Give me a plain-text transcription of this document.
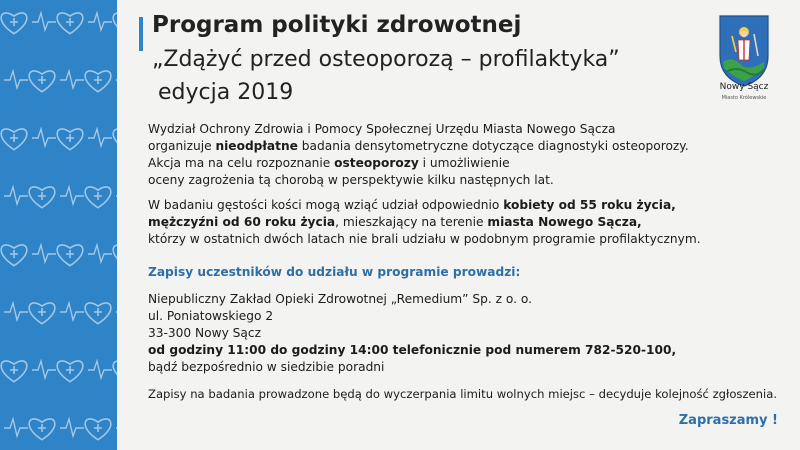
Program polityki zdrowotnej
„Zdążyć przed osteoporozą – profilaktyka”
edycja 2019	Nowy Sącz
Miasto Królewskie
Wydział Ochrony Zdrowia i Pomocy Społecznej Urzędu Miasta Nowego Sącza
organizuje nieodpłatne badania densytometryczne dotyczące diagnostyki osteoporozy.
Akcja ma na celu rozpoznanie osteoporozy i umożliwienie
oceny zagrożenia tą chorobą w perspektywie kilku następnych lat.
W badaniu gęstości kości mogą wziąć udział odpowiednio kobiety od 55 roku życia,
mężczyźni od 60 roku życia, mieszkający na terenie miasta Nowego Sącza,
którzy w ostatnich dwóch latach nie brali udziału w podobnym programie profilaktycznym.
Zapisy uczestników do udziału w programie prowadzi:
Niepubliczny Zakład Opieki Zdrowotnej „Remedium” Sp. z o. o.
ul. Poniatowskiego 2
33-300 Nowy Sącz
od godziny 11:00 do godziny 14:00 telefonicznie pod numerem 782-520-100,
bądź bezpośrednio w siedzibie poradni
Zapisy na badania prowadzone będą do wyczerpania limitu wolnych miejsc – decyduje kolejność zgłoszenia.
Zapraszamy !
